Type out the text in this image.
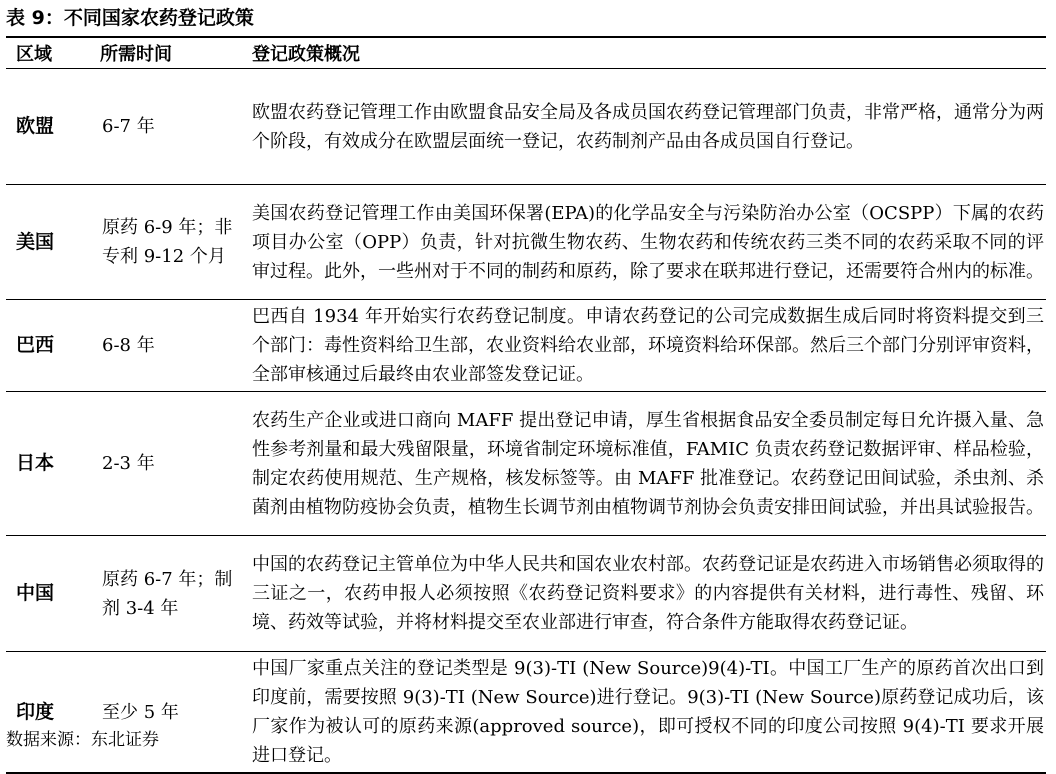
表 9：不同国家农药登记政策
区域	所需时间	登记政策概况
欧盟	6-7 年	欧盟农药登记管理工作由欧盟食品安全局及各成员国农药登记管理部门负责，非常严格，通常分为两个阶段，有效成分在欧盟层面统一登记，农药制剂产品由各成员国自行登记。
美国	原药 6-9 年；非专利 9-12 个月	美国农药登记管理工作由美国环保署(EPA)的化学品安全与污染防治办公室（OCSPP）下属的农药项目办公室（OPP）负责，针对抗微生物农药、生物农药和传统农药三类不同的农药采取不同的评审过程。此外，一些州对于不同的制药和原药，除了要求在联邦进行登记，还需要符合州内的标准。
巴西	6-8 年	巴西自 1934 年开始实行农药登记制度。申请农药登记的公司完成数据生成后同时将资料提交到三个部门：毒性资料给卫生部，农业资料给农业部，环境资料给环保部。然后三个部门分别评审资料，全部审核通过后最终由农业部签发登记证。
日本	2-3 年	农药生产企业或进口商向 MAFF 提出登记申请，厚生省根据食品安全委员制定每日允许摄入量、急性参考剂量和最大残留限量，环境省制定环境标准值，FAMIC 负责农药登记数据评审、样品检验，制定农药使用规范、生产规格，核发标签等。由 MAFF 批准登记。农药登记田间试验，杀虫剂、杀菌剂由植物防疫协会负责，植物生长调节剂由植物调节剂协会负责安排田间试验，并出具试验报告。
中国	原药 6-7 年；制剂 3-4 年	中国的农药登记主管单位为中华人民共和国农业农村部。农药登记证是农药进入市场销售必须取得的三证之一，农药申报人必须按照《农药登记资料要求》的内容提供有关材料，进行毒性、残留、环境、药效等试验，并将材料提交至农业部进行审查，符合条件方能取得农药登记证。
印度	至少 5 年	中国厂家重点关注的登记类型是 9(3)-TI (New Source)9(4)-TI。中国工厂生产的原药首次出口到印度前，需要按照 9(3)-TI (New Source)进行登记。9(3)-TI (New Source)原药登记成功后，该厂家作为被认可的原药来源(approved source)，即可授权不同的印度公司按照 9(4)-TI 要求开展进口登记。
数据来源：东北证券
